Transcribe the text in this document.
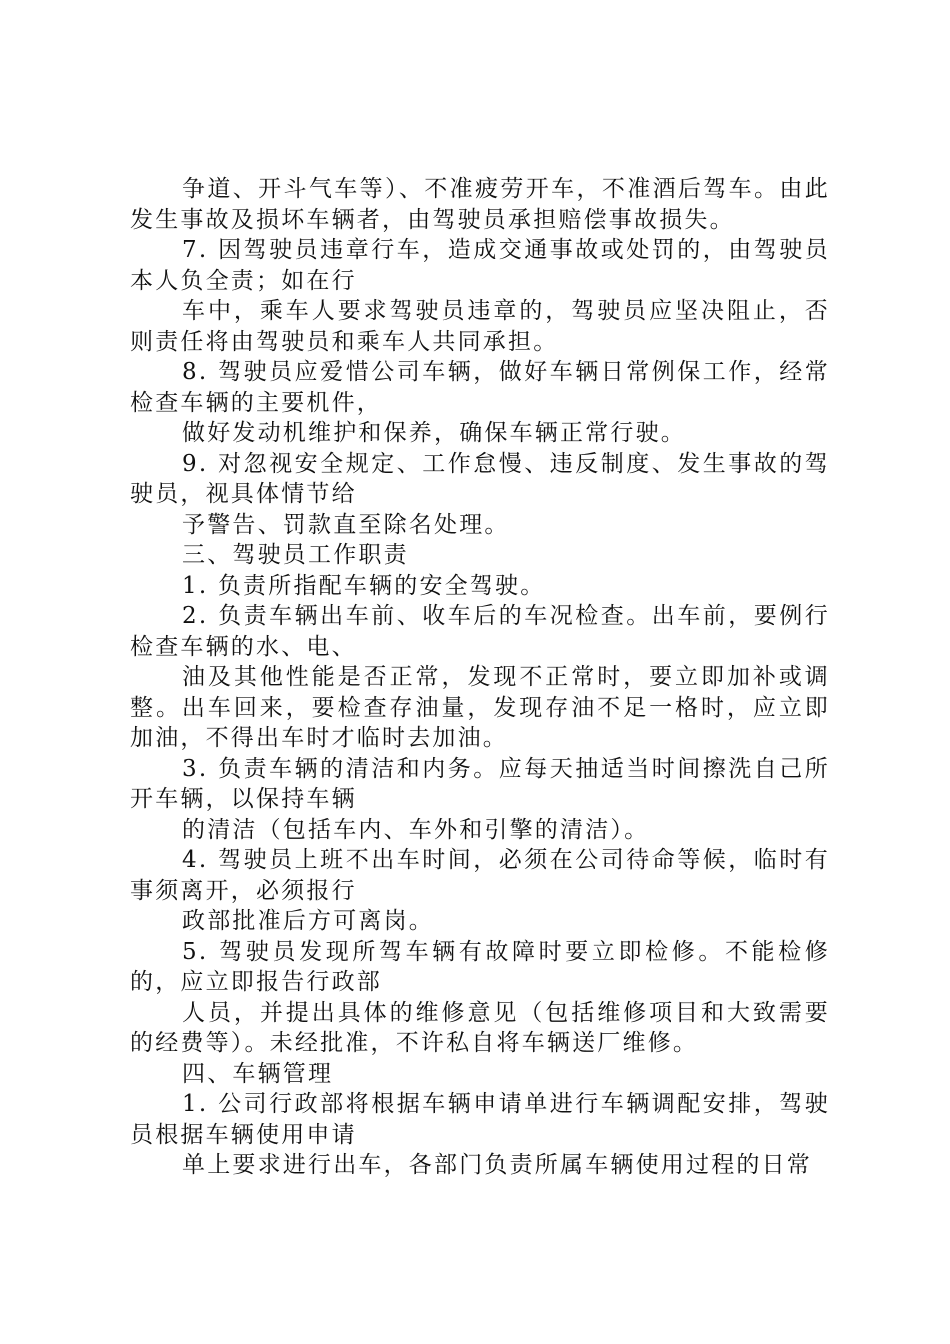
争道、开斗气车等）、不准疲劳开车，不准酒后驾车。由此发生事故及损坏车辆者，由驾驶员承担赔偿事故损失。

7. 因驾驶员违章行车，造成交通事故或处罚的，由驾驶员本人负全责；如在行

车中，乘车人要求驾驶员违章的，驾驶员应坚决阻止，否则责任将由驾驶员和乘车人共同承担。

8. 驾驶员应爱惜公司车辆，做好车辆日常例保工作，经常检查车辆的主要机件，

做好发动机维护和保养，确保车辆正常行驶。

9. 对忽视安全规定、工作怠慢、违反制度、发生事故的驾驶员，视具体情节给

予警告、罚款直至除名处理。

三、驾驶员工作职责

1. 负责所指配车辆的安全驾驶。

2. 负责车辆出车前、收车后的车况检查。出车前，要例行检查车辆的水、电、

油及其他性能是否正常，发现不正常时，要立即加补或调整。出车回来，要检查存油量，发现存油不足一格时，应立即加油，不得出车时才临时去加油。

3. 负责车辆的清洁和内务。应每天抽适当时间擦洗自己所开车辆，以保持车辆

的清洁（包括车内、车外和引擎的清洁）。

4. 驾驶员上班不出车时间，必须在公司待命等候，临时有事须离开，必须报行

政部批准后方可离岗。

5. 驾驶员发现所驾车辆有故障时要立即检修。不能检修的，应立即报告行政部

人员，并提出具体的维修意见（包括维修项目和大致需要的经费等）。未经批准，不许私自将车辆送厂维修。

四、车辆管理

1. 公司行政部将根据车辆申请单进行车辆调配安排，驾驶员根据车辆使用申请

单上要求进行出车，各部门负责所属车辆使用过程的日常
